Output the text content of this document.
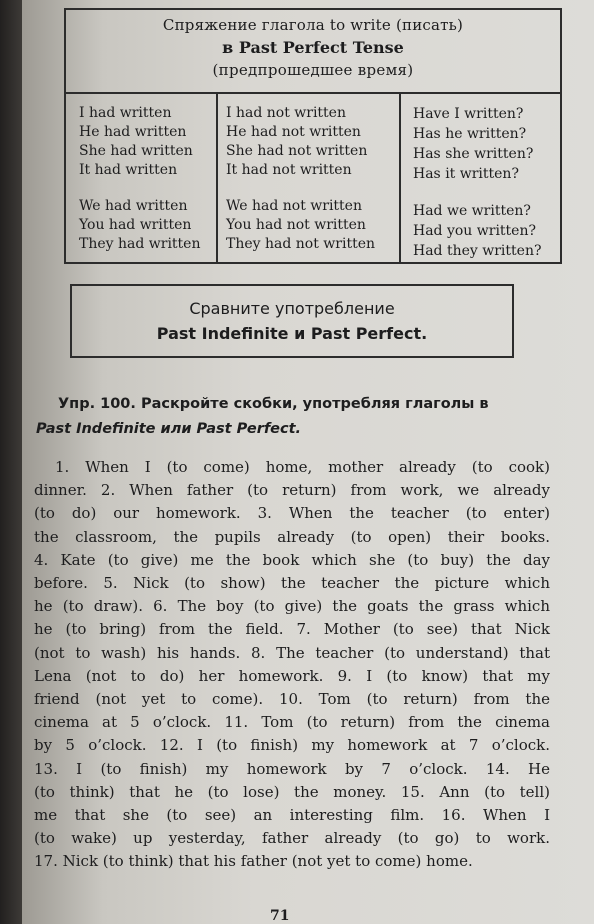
Спряжение глагола to write (писать)
в Past Perfect Tense
(предпрошедшее время)
I had written
He had written
She had written
It had written
We had written
You had written
They had written
I had not written
He had not written
She had not written
It had not written
We had not written
You had not written
They had not written
Have I written?
Has he written?
Has she written?
Has it written?
Had we written?
Had you written?
Had they written?
Сравните употребление
Past Indefinite и Past Perfect.
Упр. 100. Раскройте скобки, употребляя глаголы в
Past Indefinite или Past Perfect.
1. When I (to come) home, mother already (to cook)
dinner. 2. When father (to return) from work, we already
(to do) our homework. 3. When the teacher (to enter)
the classroom, the pupils already (to open) their books.
4. Kate (to give) me the book which she (to buy) the day
before. 5. Nick (to show) the teacher the picture which
he (to draw). 6. The boy (to give) the goats the grass which
he (to bring) from the field. 7. Mother (to see) that Nick
(not to wash) his hands. 8. The teacher (to understand) that
Lena (not to do) her homework. 9. I (to know) that my
friend (not yet to come). 10. Tom (to return) from the
cinema at 5 o’clock. 11. Tom (to return) from the cinema
by 5 o’clock. 12. I (to finish) my homework at 7 o’clock.
13. I (to finish) my homework by 7 o’clock. 14. He
(to think) that he (to lose) the money. 15. Ann (to tell)
me that she (to see) an interesting film. 16. When I
(to wake) up yesterday, father already (to go) to work.
17. Nick (to think) that his father (not yet to come) home.
71
